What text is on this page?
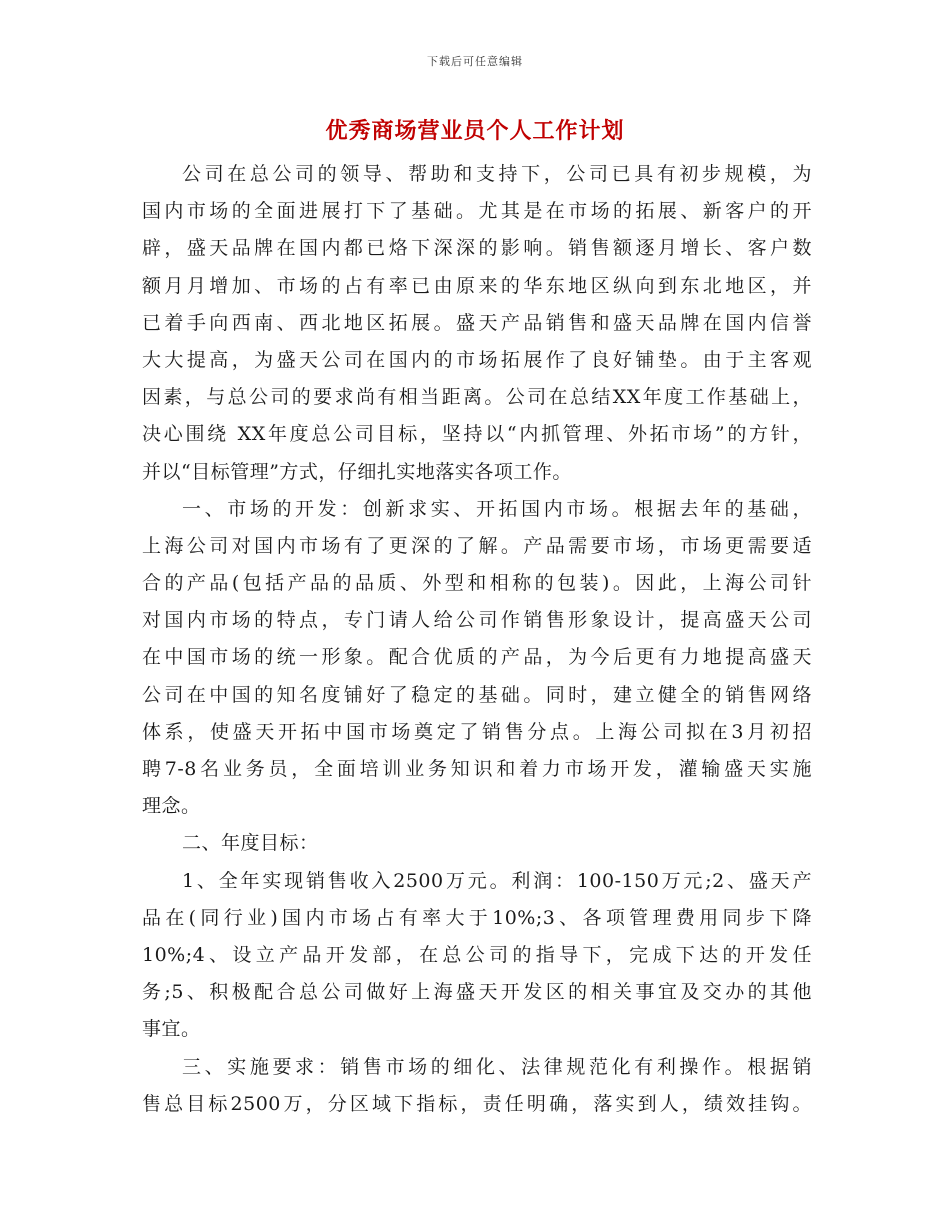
下载后可任意编辑
优秀商场营业员个人工作计划
公司在总公司的领导、帮助和支持下，公司已具有初步规模，为
国内市场的全面进展打下了基础。尤其是在市场的拓展、新客户的开
辟，盛天品牌在国内都已烙下深深的影响。销售额逐月增长、客户数
额月月增加、市场的占有率已由原来的华东地区纵向到东北地区，并
已着手向西南、西北地区拓展。盛天产品销售和盛天品牌在国内信誉
大大提高，为盛天公司在国内的市场拓展作了良好铺垫。由于主客观
因素，与总公司的要求尚有相当距离。公司在总结XX年度工作基础上，
决心围绕 XX年度总公司目标，坚持以“内抓管理、外拓市场”的方针，
并以“目标管理”方式，仔细扎实地落实各项工作。
一、市场的开发：创新求实、开拓国内市场。根据去年的基础，
上海公司对国内市场有了更深的了解。产品需要市场，市场更需要适
合的产品(包括产品的品质、外型和相称的包装)。因此，上海公司针
对国内市场的特点，专门请人给公司作销售形象设计，提高盛天公司
在中国市场的统一形象。配合优质的产品，为今后更有力地提高盛天
公司在中国的知名度铺好了稳定的基础。同时，建立健全的销售网络
体系，使盛天开拓中国市场奠定了销售分点。上海公司拟在3月初招
聘7-8名业务员，全面培训业务知识和着力市场开发，灌输盛天实施
理念。
二、年度目标：
1、全年实现销售收入2500万元。利润：100-150万元;2、盛天产
品在(同行业)国内市场占有率大于10%;3、各项管理费用同步下降
10%;4、设立产品开发部，在总公司的指导下，完成下达的开发任
务;5、积极配合总公司做好上海盛天开发区的相关事宜及交办的其他
事宜。
三、实施要求：销售市场的细化、法律规范化有利操作。根据销
售总目标2500万，分区域下指标，责任明确，落实到人，绩效挂钩。
